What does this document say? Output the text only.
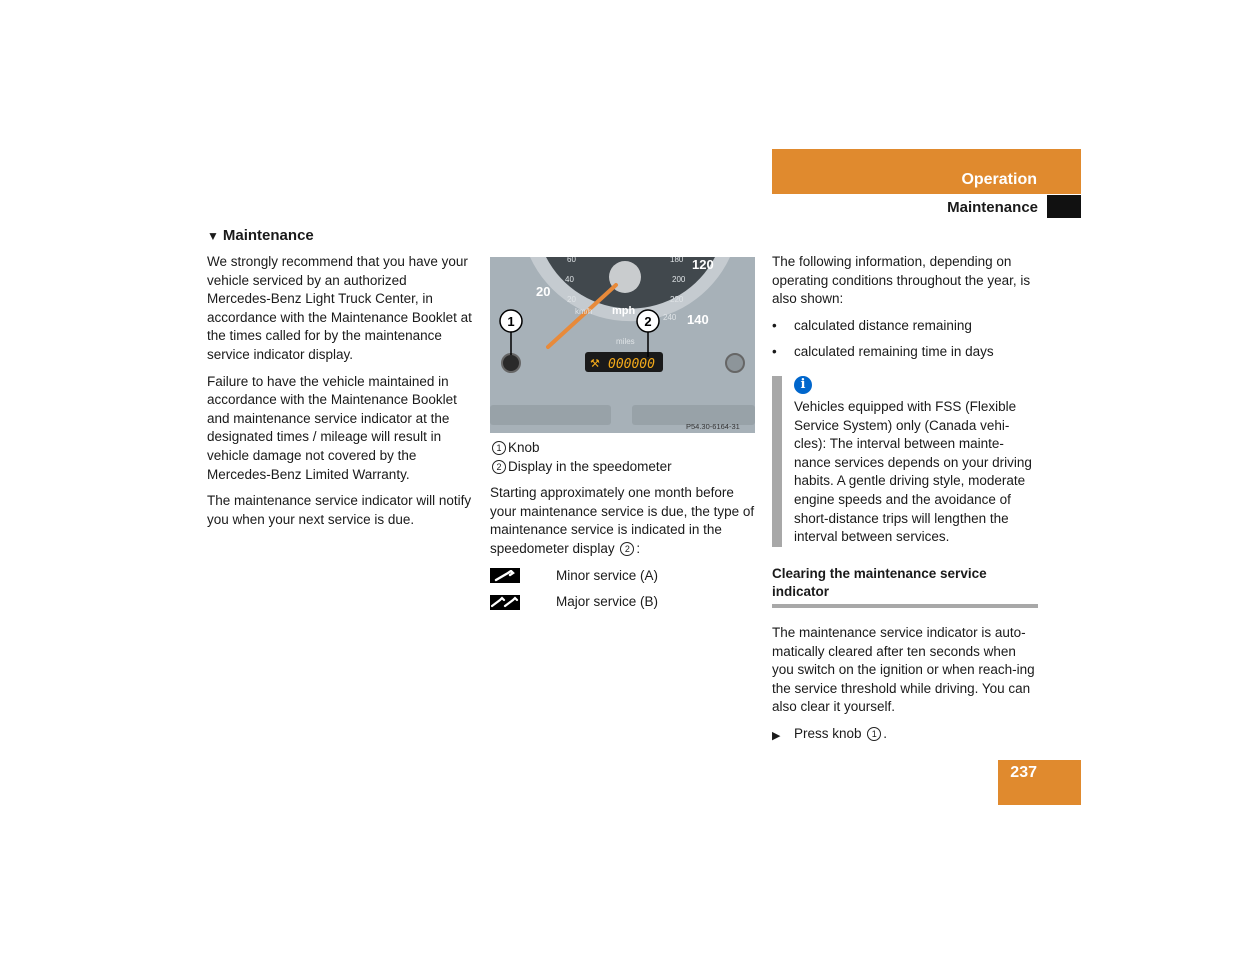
Operation
Maintenance
▼ Maintenance

We strongly recommend that you have your vehicle serviced by an authorized Mercedes-Benz Light Truck Center, in accordance with the Maintenance Booklet at the times called for by the maintenance service indicator display.

Failure to have the vehicle maintained in accordance with the Maintenance Booklet and maintenance service indicator at the designated times / mileage will result in vehicle damage not covered by the Mercedes-Benz Limited Warranty.

The maintenance service indicator will notify you when your next service is due.

⚒ 000000
20
120
140
mph
60
40
20
180
200
220
240
km/h
miles
1	2
P54.30-6164-31
1 Knob
2 Display in the speedometer

Starting approximately one month before your maintenance service is due, the type of maintenance service is indicated in the speedometer display 2 :

Minor service (A)
Major service (B)

The following information, depending on operating conditions throughout the year, is also shown:

•	calculated distance remaining
•	calculated remaining time in days
i
Vehicles equipped with FSS (Flexible Service System) only (Canada vehi-cles): The interval between mainte-nance services depends on your driving habits. A gentle driving style, moderate engine speeds and the avoidance of short-distance trips will lengthen the interval between services.
Clearing the maintenance service indicator

The maintenance service indicator is auto-matically cleared after ten seconds when you switch on the ignition or when reach-ing the service threshold while driving. You can also clear it yourself.

▶	Press knob 1 .
237
